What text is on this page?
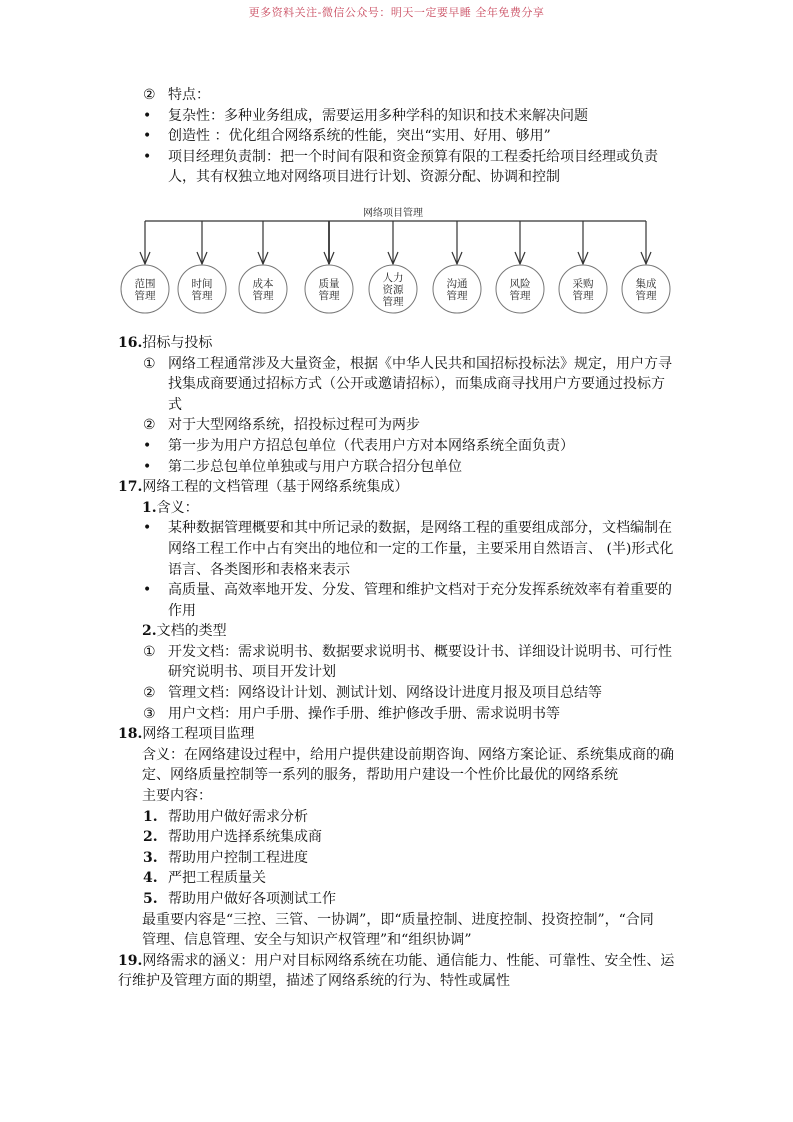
更多资料关注-微信公众号：明天一定要早睡 全年免费分享
② 特点：
• 复杂性：多种业务组成，需要运用多种学科的知识和技术来解决问题
• 创造性 ：优化组合网络系统的性能，突出“实用、好用、够用”
• 项目经理负责制：把一个时间有限和资金预算有限的工程委托给项目经理或负责
人，其有权独立地对网络项目进行计划、资源分配、协调和控制
网络项目管理
范围
管理
时间
管理
成本
管理
质量
管理
人力
资源
管理
沟通
管理
风险
管理
采购
管理
集成
管理
16.招标与投标
① 网络工程通常涉及大量资金，根据《中华人民共和国招标投标法》规定，用户方寻
找集成商要通过招标方式（公开或邀请招标），而集成商寻找用户方要通过投标方
式
② 对于大型网络系统，招投标过程可为两步
• 第一步为用户方招总包单位（代表用户方对本网络系统全面负责）
• 第二步总包单位单独或与用户方联合招分包单位
17.网络工程的文档管理（基于网络系统集成）
1.含义：
• 某种数据管理概要和其中所记录的数据，是网络工程的重要组成部分，文档编制在
网络工程工作中占有突出的地位和一定的工作量，主要采用自然语言、 (半)形式化
语言、各类图形和表格来表示
• 高质量、高效率地开发、分发、管理和维护文档对于充分发挥系统效率有着重要的
作用
2.文档的类型
① 开发文档：需求说明书、数据要求说明书、概要设计书、详细设计说明书、可行性
研究说明书、项目开发计划
② 管理文档：网络设计计划、测试计划、网络设计进度月报及项目总结等
③ 用户文档：用户手册、操作手册、维护修改手册、需求说明书等
18.网络工程项目监理
含义：在网络建设过程中，给用户提供建设前期咨询、网络方案论证、系统集成商的确
定、网络质量控制等一系列的服务，帮助用户建设一个性价比最优的网络系统
主要内容：
1. 帮助用户做好需求分析
2. 帮助用户选择系统集成商
3. 帮助用户控制工程进度
4. 严把工程质量关
5. 帮助用户做好各项测试工作
最重要内容是“三控、三管、一协调”，即“质量控制、进度控制、投资控制”，“合同
管理、信息管理、安全与知识产权管理”和“组织协调”
19.网络需求的涵义：用户对目标网络系统在功能、通信能力、性能、可靠性、安全性、运
行维护及管理方面的期望，描述了网络系统的行为、特性或属性
